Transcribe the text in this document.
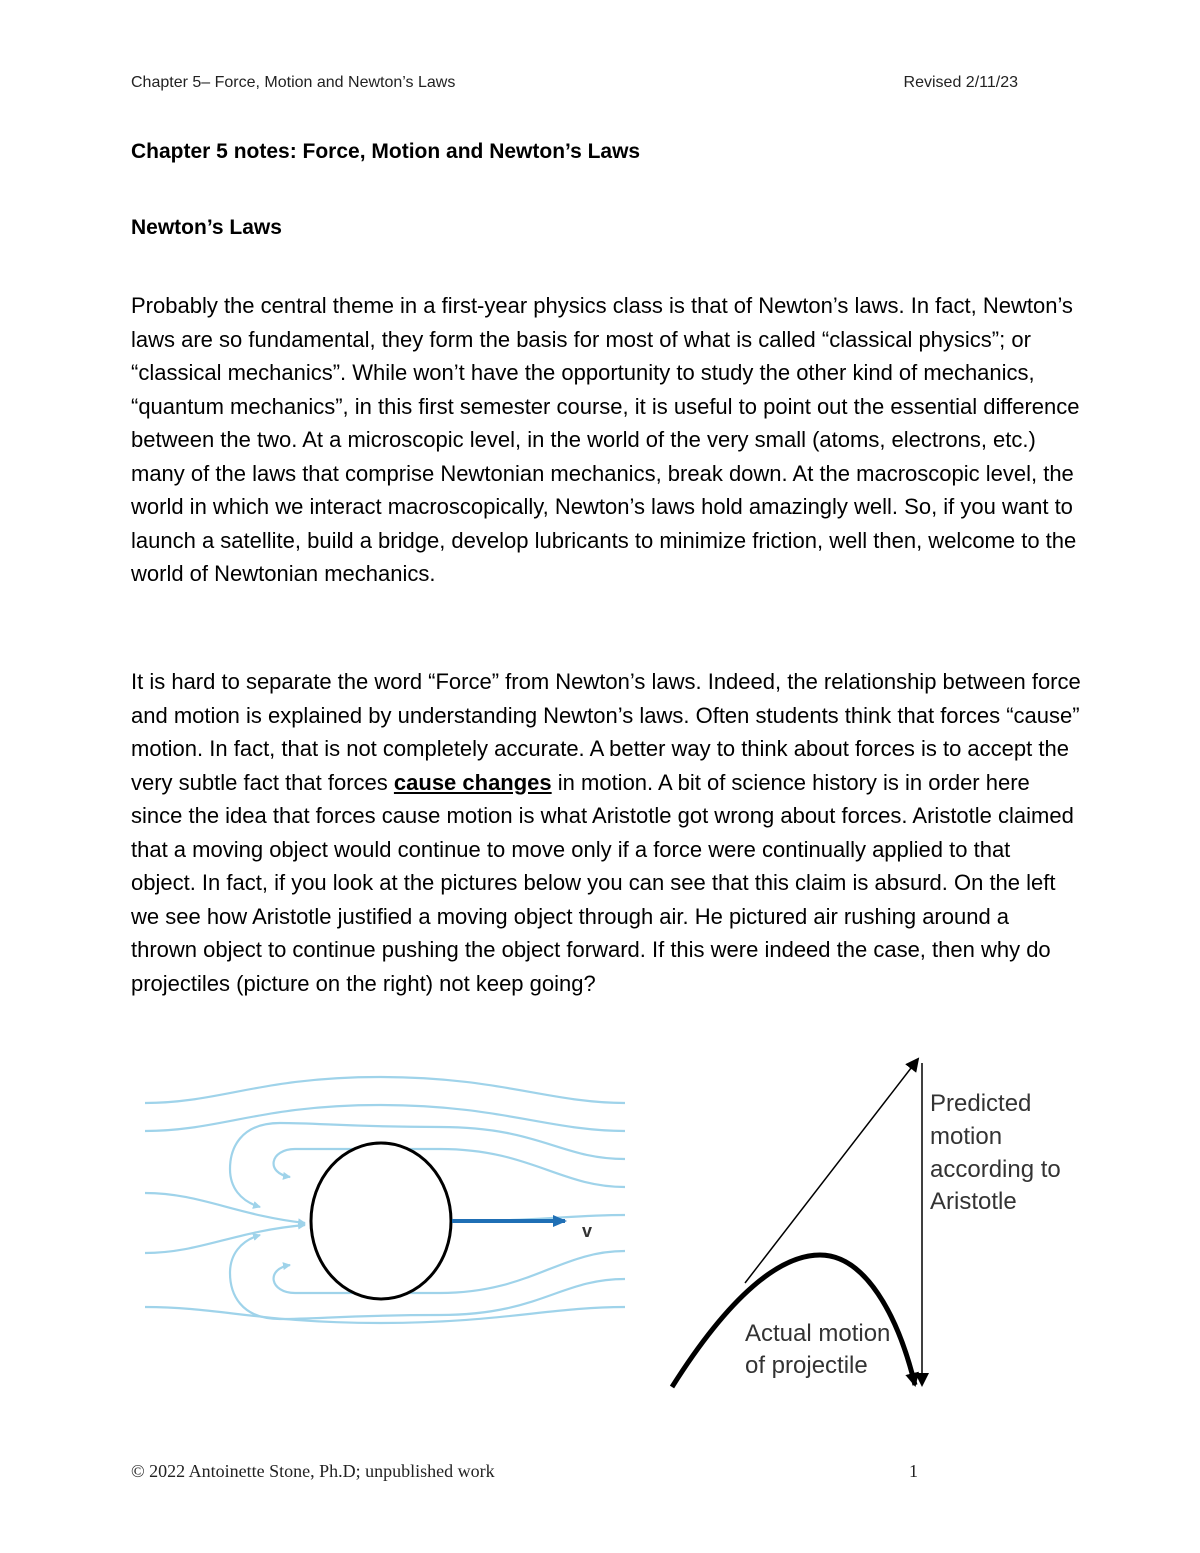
Chapter 5– Force, Motion and Newton’s Laws	Revised 2/11/23
Chapter 5 notes: Force, Motion and Newton’s Laws
Newton’s Laws

Probably the central theme in a first-year physics class is that of Newton’s laws. In fact, Newton’s laws are so fundamental, they form the basis for most of what is called “classical physics”; or “classical mechanics”. While won’t have the opportunity to study the other kind of mechanics, “quantum mechanics”, in this first semester course, it is useful to point out the essential difference between the two. At a microscopic level, in the world of the very small (atoms, electrons, etc.) many of the laws that comprise Newtonian mechanics, break down. At the macroscopic level, the world in which we interact macroscopically, Newton’s laws hold amazingly well. So, if you want to launch a satellite, build a bridge, develop lubricants to minimize friction, well then, welcome to the world of Newtonian mechanics.

It is hard to separate the word “Force” from Newton’s laws. Indeed, the relationship between force and motion is explained by understanding Newton’s laws. Often students think that forces “cause” motion. In fact, that is not completely accurate. A better way to think about forces is to accept the very subtle fact that forces cause changes in motion. A bit of science history is in order here since the idea that forces cause motion is what Aristotle got wrong about forces. Aristotle claimed that a moving object would continue to move only if a force were continually applied to that object. In fact, if you look at the pictures below you can see that this claim is absurd. On the left we see how Aristotle justified a moving object through air. He pictured air rushing around a thrown object to continue pushing the object forward. If this were indeed the case, then why do projectiles (picture on the right) not keep going?

v
Predicted
motion
according to
Aristotle
Actual motion
of projectile
© 2022 Antoinette Stone, Ph.D; unpublished work	1
